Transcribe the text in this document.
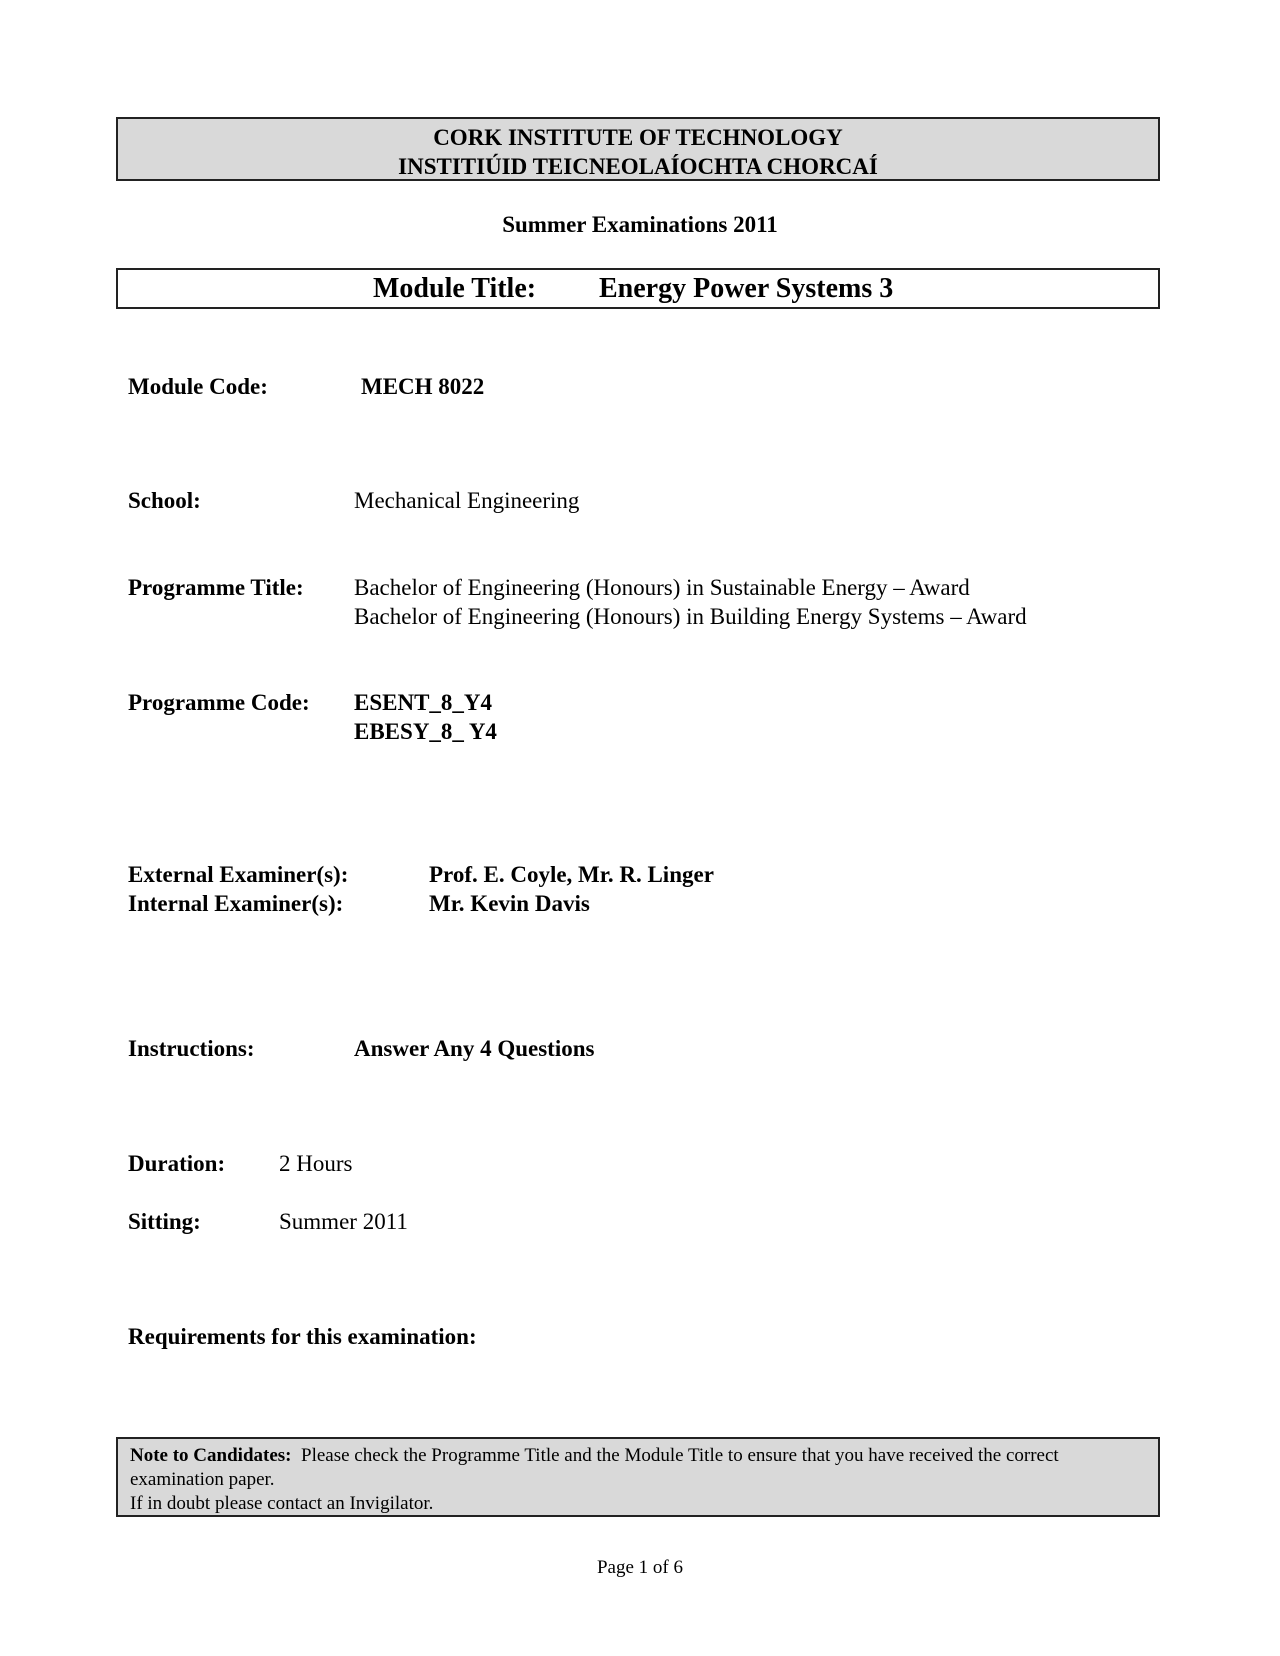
CORK INSTITUTE OF TECHNOLOGY
INSTITIÚID TEICNEOLAÍOCHTA CHORCAÍ
Summer Examinations 2011
Module Title: Energy Power Systems 3
Module Code:	MECH 8022
School:	Mechanical Engineering
Programme Title: Bachelor of Engineering (Honours) in Sustainable Energy – Award
Bachelor of Engineering (Honours) in Building Energy Systems – Award
Programme Code: ESENT_8_Y4
EBESY_8_ Y4
External Examiner(s):	Prof. E. Coyle, Mr. R. Linger
Internal Examiner(s):	Mr. Kevin Davis
Instructions:	Answer Any 4 Questions
Duration: 2 Hours
Sitting:	Summer 2011
Requirements for this examination:
Note to Candidates: Please check the Programme Title and the Module Title to ensure that you have received the correct examination paper.
If in doubt please contact an Invigilator.
Page 1 of 6
